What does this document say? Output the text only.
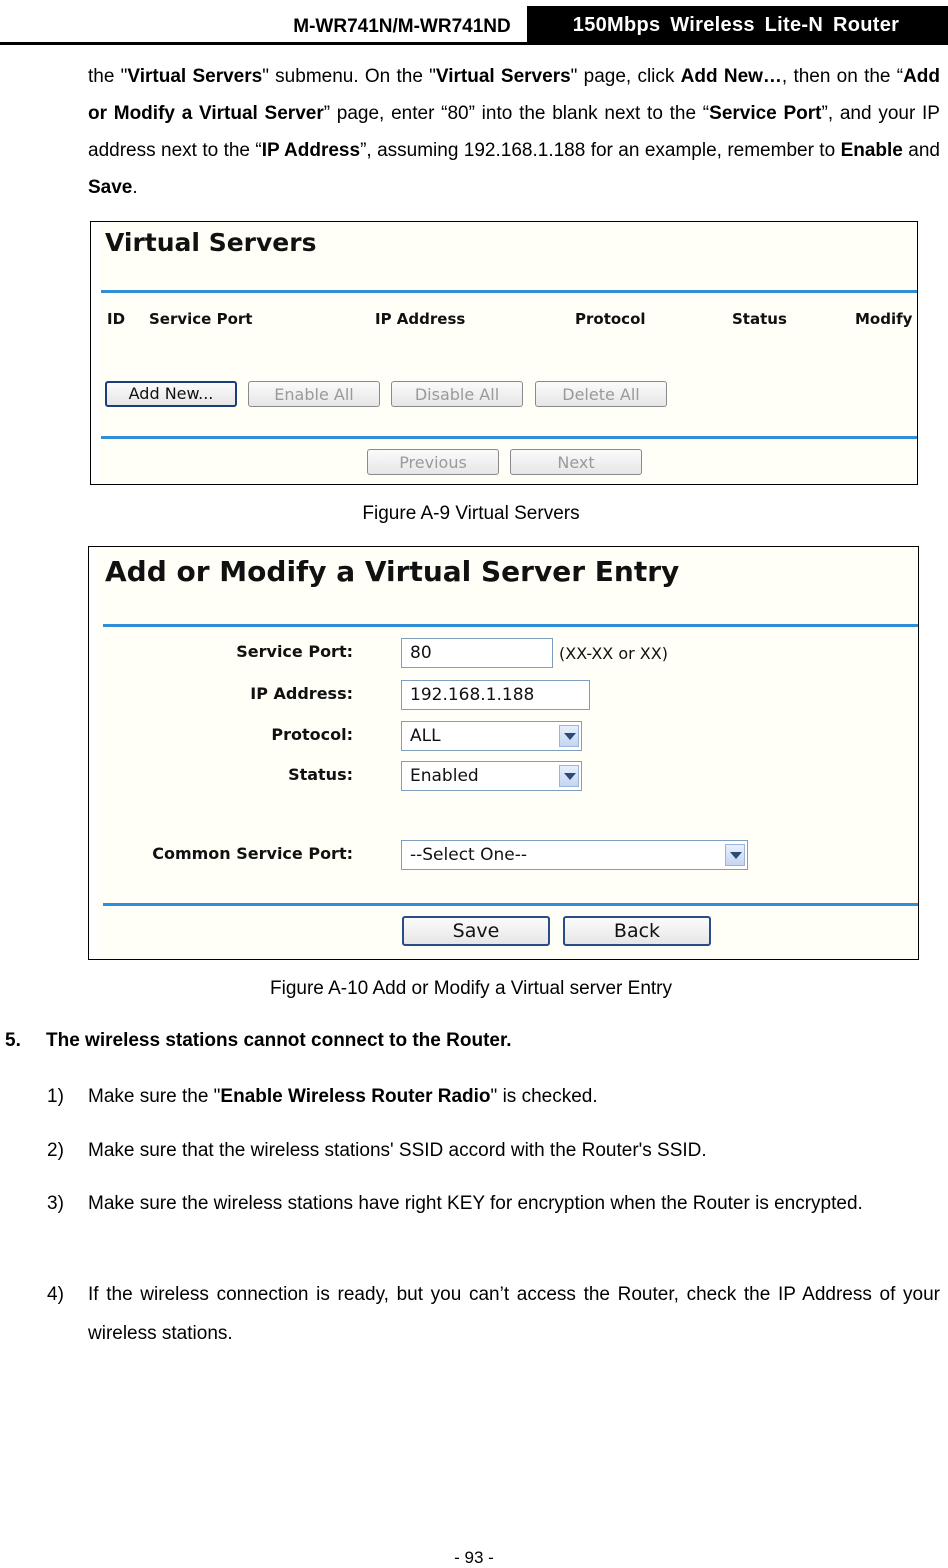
M-WR741N/M-WR741ND	150Mbps Wireless Lite-N Router
the "Virtual Servers" submenu. On the "Virtual Servers" page, click Add New…, then on the “Add or Modify a Virtual Server” page, enter “80” into the blank next to the “Service Port”, and your IP address next to the “IP Address”, assuming 192.168.1.188 for an example, remember to Enable and Save.
Virtual Servers
ID Service Port	IP Address	Protocol	Status	Modify
Add New...	Enable All	Disable All	Delete All
Previous	Next
Figure A-9 Virtual Servers
Add or Modify a Virtual Server Entry
Service Port:	80	(XX-XX or XX)
IP Address:	192.168.1.188
Protocol:	ALL
Status:	Enabled
Common Service Port:	--Select One--
Save	Back
Figure A-10 Add or Modify a Virtual server Entry
5. The wireless stations cannot connect to the Router.
1) Make sure the "Enable Wireless Router Radio" is checked.
2) Make sure that the wireless stations' SSID accord with the Router's SSID.
3) Make sure the wireless stations have right KEY for encryption when the Router is encrypted.
4) If the wireless connection is ready, but you can’t access the Router, check the IP Address of your wireless stations.
- 93 -
